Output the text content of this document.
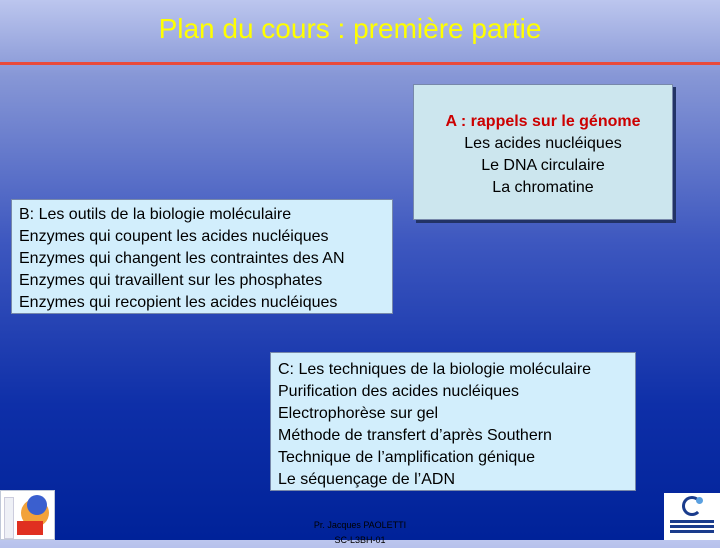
Plan du cours : première partie
A : rappels sur le génome
Les acides nucléiques
Le DNA circulaire
La chromatine
B: Les outils de la biologie moléculaire
Enzymes qui coupent les acides nucléiques
Enzymes qui changent les contraintes des AN
Enzymes qui travaillent sur les phosphates
Enzymes qui recopient les acides nucléiques
C: Les techniques de la biologie moléculaire
Purification des acides nucléiques
Electrophorèse sur gel
Méthode de transfert d’après Southern
Technique de l’amplification génique
Le séquençage de l’ADN
Pr. Jacques PAOLETTI
SC-L3BH-01
